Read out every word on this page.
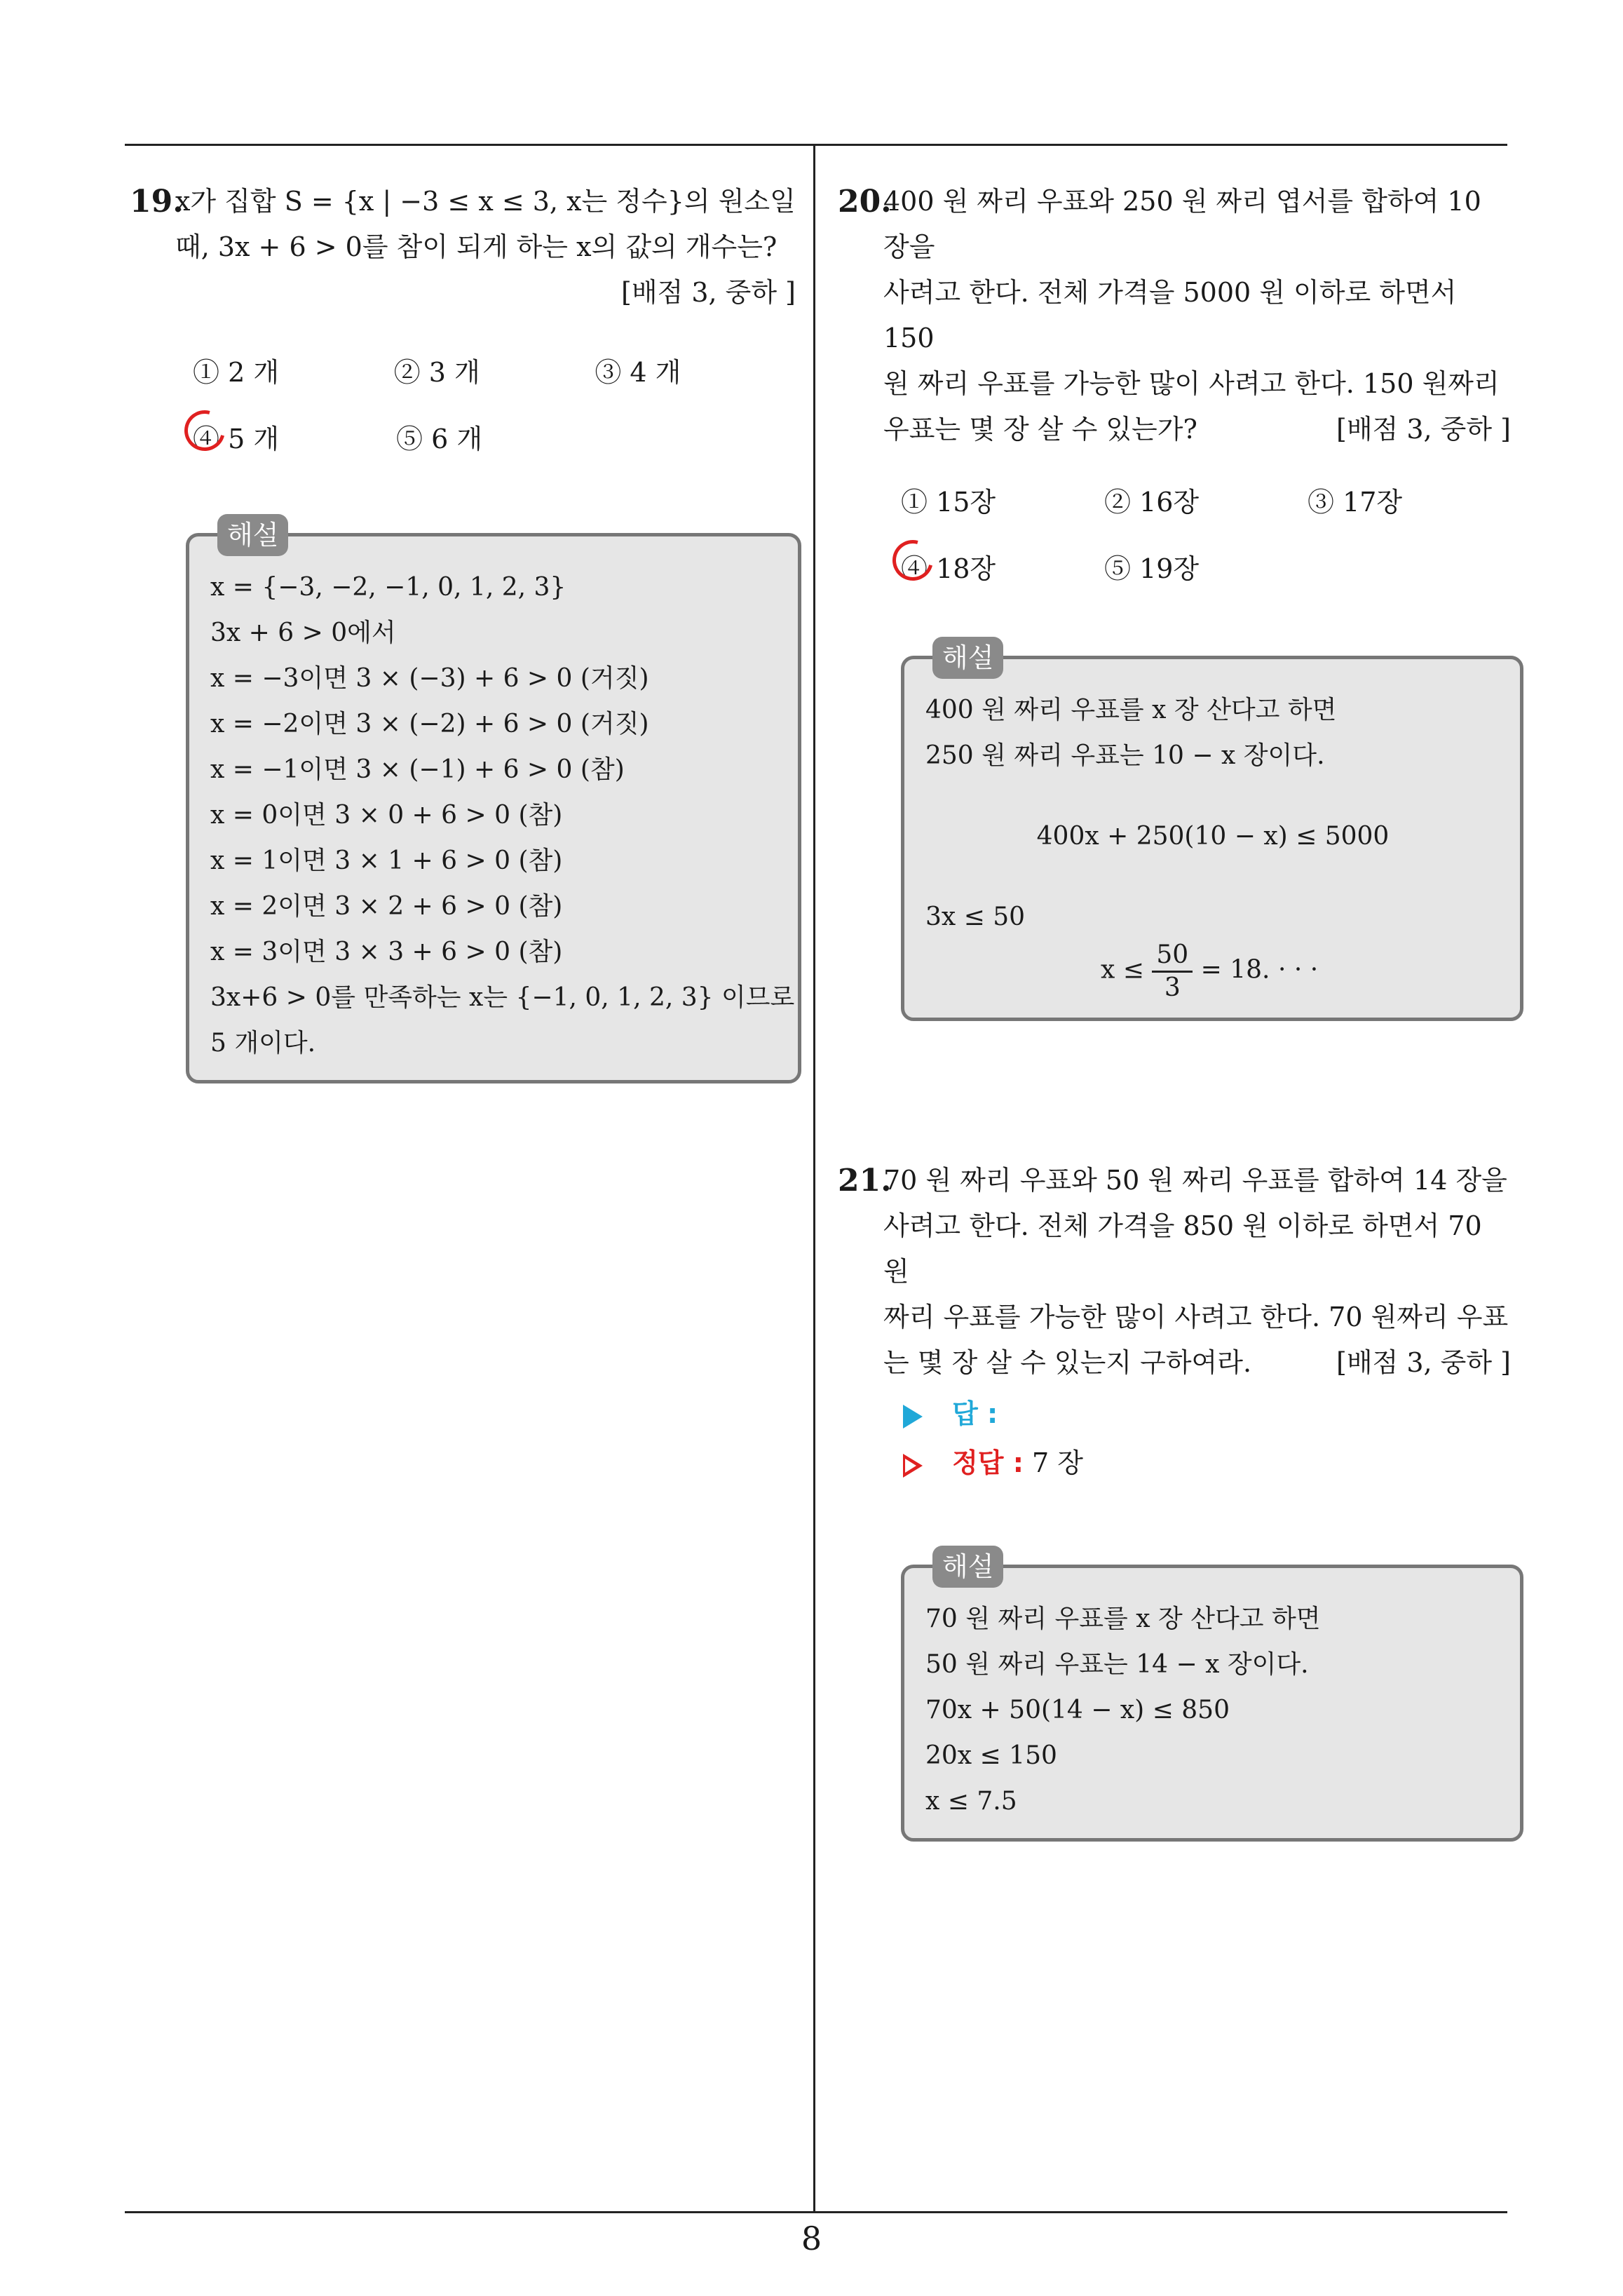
8
19.

x가 집합 S = {x | −3 ≤ x ≤ 3, x는 정수}의 원소일

때, 3x + 6 > 0를 참이 되게 하는 x의 값의 개수는?

[배점 3, 중하 ]

① 2 개	② 3 개	③ 4 개
④ 5 개	⑤ 6 개
해설

x = {−3, −2, −1, 0, 1, 2, 3}

3x + 6 > 0에서

x = −3이면 3 × (−3) + 6 > 0 (거짓)

x = −2이면 3 × (−2) + 6 > 0 (거짓)

x = −1이면 3 × (−1) + 6 > 0 (참)

x = 0이면 3 × 0 + 6 > 0 (참)

x = 1이면 3 × 1 + 6 > 0 (참)

x = 2이면 3 × 2 + 6 > 0 (참)

x = 3이면 3 × 3 + 6 > 0 (참)

3x+6 > 0를 만족하는 x는 {−1, 0, 1, 2, 3} 이므로

5 개이다.

20.

400 원 짜리 우표와 250 원 짜리 엽서를 합하여 10 장을

사려고 한다. 전체 가격을 5000 원 이하로 하면서 150

원 짜리 우표를 가능한 많이 사려고 한다. 150 원짜리

우표는 몇 장 살 수 있는가?	[배점 3, 중하 ]

① 15장	② 16장	③ 17장
④ 18장	⑤ 19장
해설

400 원 짜리 우표를 x 장 산다고 하면

250 원 짜리 우표는 10 − x 장이다.

400x + 250(10 − x) ≤ 5000

3x ≤ 50

$x \le \frac{50}{3} = 18$. · · ·

21.

70 원 짜리 우표와 50 원 짜리 우표를 합하여 14 장을

사려고 한다. 전체 가격을 850 원 이하로 하면서 70 원

짜리 우표를 가능한 많이 사려고 한다. 70 원짜리 우표

는 몇 장 살 수 있는지 구하여라.	[배점 3, 중하 ]

답 :
정답 : 7 장
해설

70 원 짜리 우표를 x 장 산다고 하면

50 원 짜리 우표는 14 − x 장이다.

70x + 50(14 − x) ≤ 850

20x ≤ 150

x ≤ 7.5
